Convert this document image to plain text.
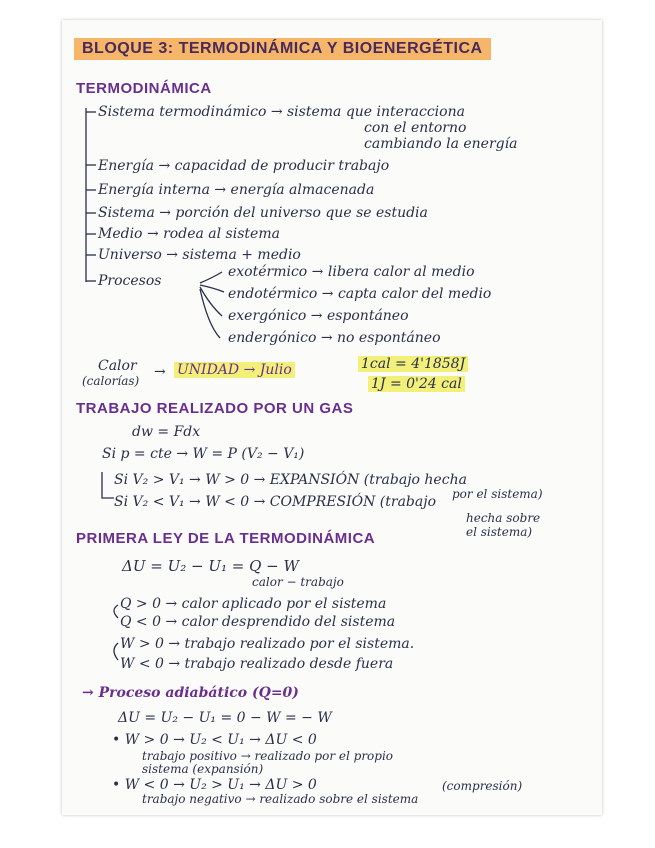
BLOQUE 3: TERMODINÁMICA Y BIOENERGÉTICA
TERMODINÁMICA
Sistema termodinámico → sistema que interacciona
con el entorno
cambiando la energía
Energía → capacidad de producir trabajo
Energía interna → energía almacenada
Sistema → porción del universo que se estudia
Medio → rodea al sistema
Universo → sistema + medio
Procesos
exotérmico → libera calor al medio
endotérmico → capta calor del medio
exergónico → espontáneo
endergónico → no espontáneo
Calor
(calorías)
→ UNIDAD → Julio	1cal = 4'1858J
1J = 0'24 cal
TRABAJO REALIZADO POR UN GAS
dw = Fdx
Si p = cte → W = P (V₂ − V₁)
Si V₂ > V₁ → W > 0 → EXPANSIÓN (trabajo hecha
por el sistema)
Si V₂ < V₁ → W < 0 → COMPRESIÓN (trabajo
hecha sobre
el sistema)
PRIMERA LEY DE LA TERMODINÁMICA
ΔU = U₂ − U₁ = Q − W
calor − trabajo
Q > 0 → calor aplicado por el sistema
Q < 0 → calor desprendido del sistema
W > 0 → trabajo realizado por el sistema.
W < 0 → trabajo realizado desde fuera
→ Proceso adiabático (Q=0)
ΔU = U₂ − U₁ = 0 − W = − W
• W > 0 → U₂ < U₁ → ΔU < 0
trabajo positivo → realizado por el propio
sistema (expansión)
• W < 0 → U₂ > U₁ → ΔU > 0
trabajo negativo → realizado sobre el sistema
(compresión)
